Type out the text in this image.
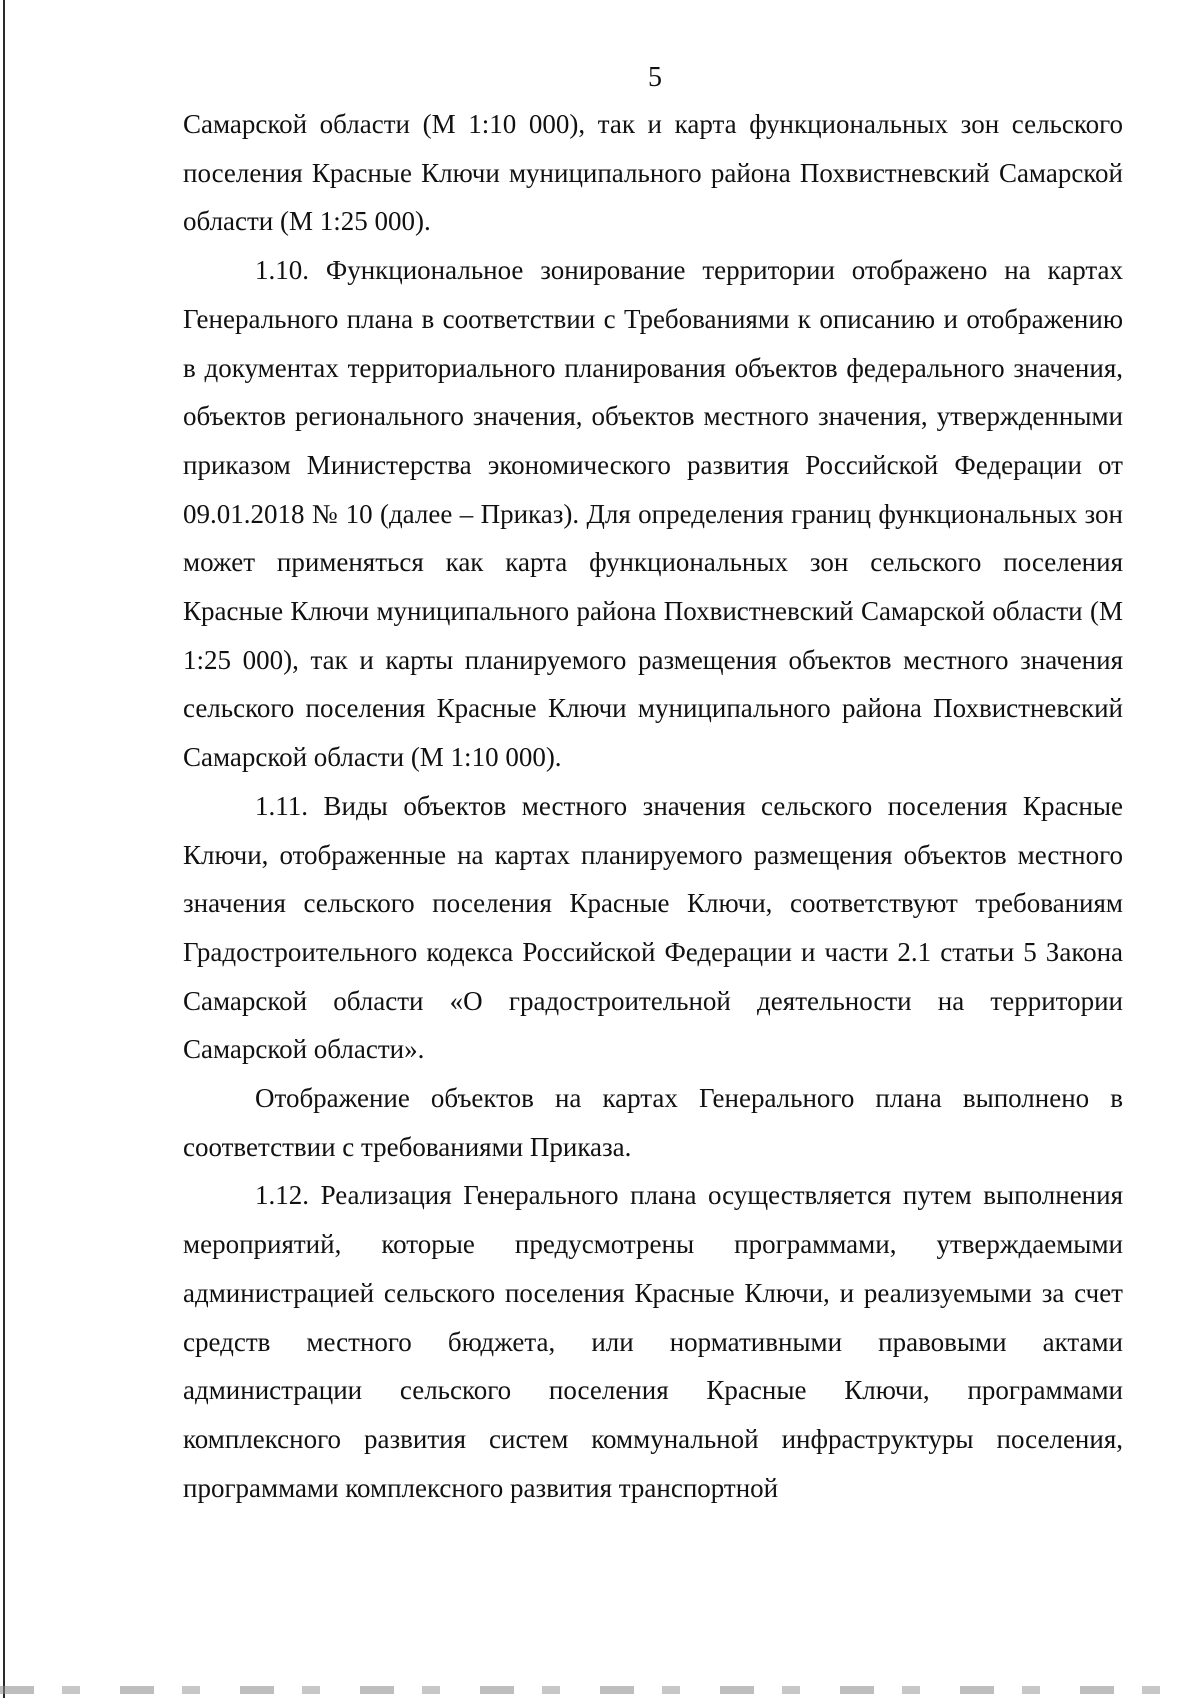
5

Самарской области (М 1:10 000), так и карта функциональных зон сельского поселения Красные Ключи муниципального района Похвистневский Самарской области (М 1:25 000).

1.10. Функциональное зонирование территории отображено на картах Генерального плана в соответствии с Требованиями к описанию и отображению в документах территориального планирования объектов федерального значения, объектов регионального значения, объектов местного значения, утвержденными приказом Министерства экономического развития Российской Федерации от 09.01.2018 № 10 (далее – Приказ). Для определения границ функциональных зон может применяться как карта функциональных зон сельского поселения Красные Ключи муниципального района Похвистневский Самарской области (М 1:25 000), так и карты планируемого размещения объектов местного значения сельского поселения Красные Ключи муниципального района Похвистневский Самарской области (М 1:10 000).

1.11. Виды объектов местного значения сельского поселения Красные Ключи, отображенные на картах планируемого размещения объектов местного значения сельского поселения Красные Ключи, соответствуют требованиям Градостроительного кодекса Российской Федерации и части 2.1 статьи 5 Закона Самарской области «О градостроительной деятельности на территории Самарской области».

Отображение объектов на картах Генерального плана выполнено в соответствии с требованиями Приказа.

1.12. Реализация Генерального плана осуществляется путем выполнения мероприятий, которые предусмотрены программами, утверждаемыми администрацией сельского поселения Красные Ключи, и реализуемыми за счет средств местного бюджета, или нормативными правовыми актами администрации сельского поселения Красные Ключи, программами комплексного развития систем коммунальной инфраструктуры поселения, программами комплексного развития транспортной
